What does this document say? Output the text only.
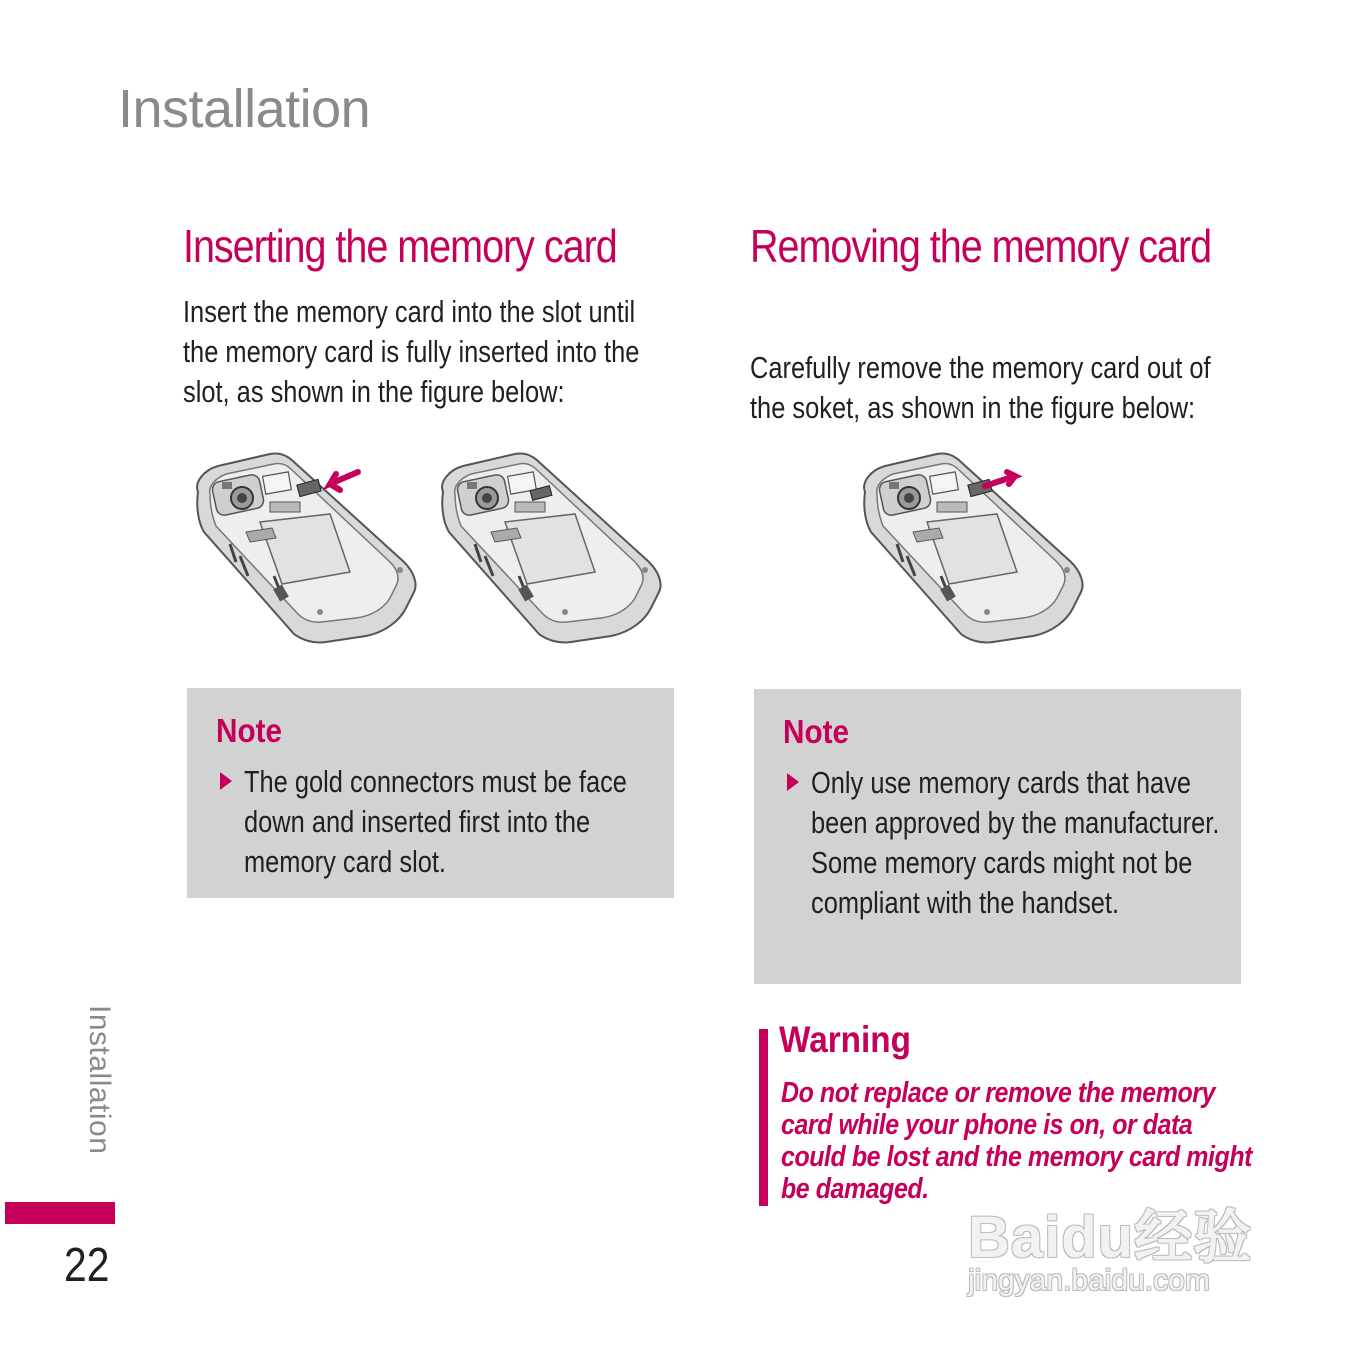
Installation
Inserting the memory card

Insert the memory card into the slot until the memory card is fully inserted into the slot, as shown in the figure below:

Removing the memory card

Carefully remove the memory card out of the soket, as shown in the figure below:

Note

The gold connectors must be face down and inserted first into the memory card slot.

Note

Only use memory cards that have been approved by the manufacturer. Some memory cards might not be compliant with the handset.

Warning

Do not replace or remove the memory card while your phone is on, or data could be lost and the memory card might be damaged.

Installation

22	Baidu经验
jingyan.baidu.com
